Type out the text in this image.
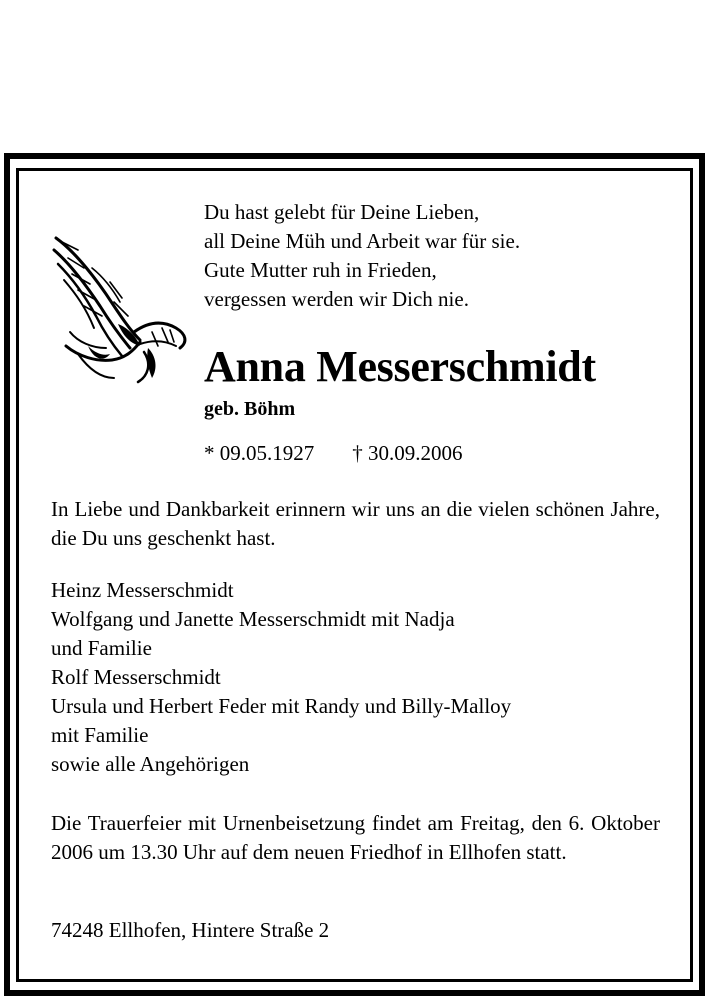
Du hast gelebt für Deine Lieben,
all Deine Müh und Arbeit war für sie.
Gute Mutter ruh in Frieden,
vergessen werden wir Dich nie.
Anna Messerschmidt
geb. Böhm
* 09.05.1927 † 30.09.2006
In Liebe und Dankbarkeit erinnern wir uns an die vielen schönen Jahre, die Du uns geschenkt hast.
Heinz Messerschmidt
Wolfgang und Janette Messerschmidt mit Nadja
und Familie
Rolf Messerschmidt
Ursula und Herbert Feder mit Randy und Billy-Malloy
mit Familie
sowie alle Angehörigen
Die Trauerfeier mit Urnenbeisetzung findet am Freitag, den 6. Oktober 2006 um 13.30 Uhr auf dem neuen Friedhof in Ellhofen statt.
74248 Ellhofen, Hintere Straße 2
